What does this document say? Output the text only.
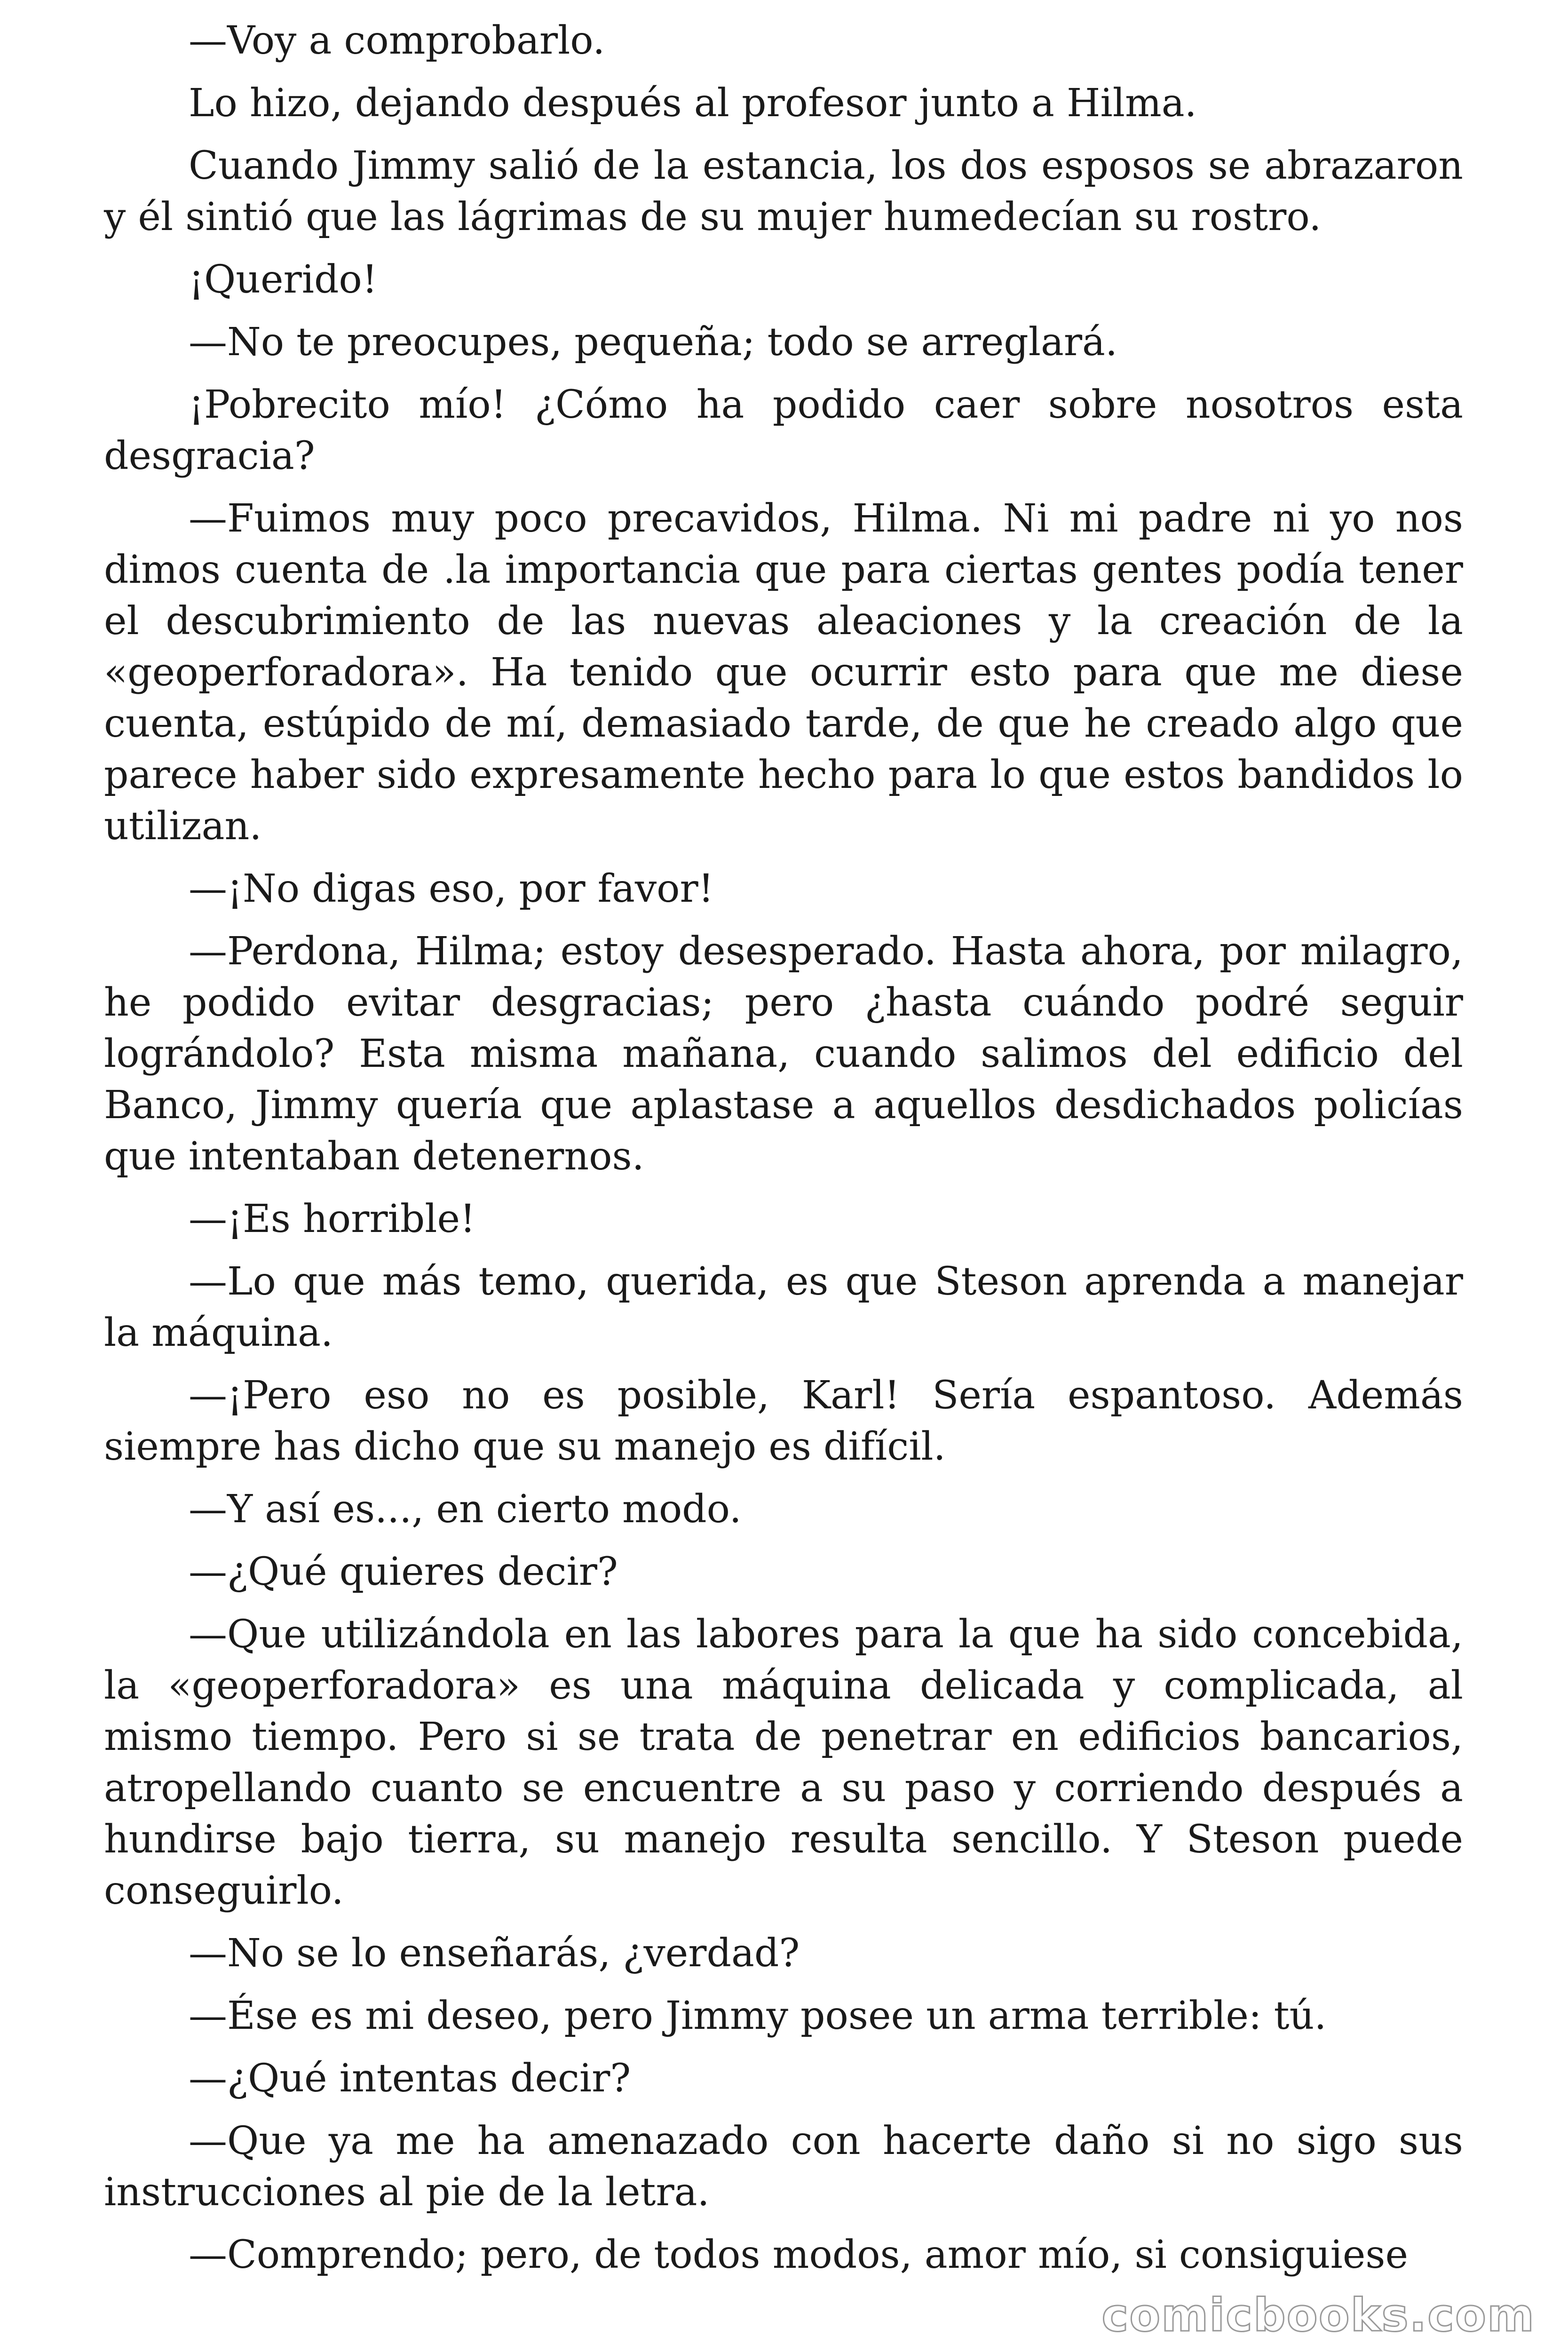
—Voy a comprobarlo.

Lo hizo, dejando después al profesor junto a Hilma.

Cuando Jimmy salió de la estancia, los dos esposos se abrazaron y él sintió que las lágrimas de su mujer humedecían su rostro.

¡Querido!

—No te preocupes, pequeña; todo se arreglará.

¡Pobrecito mío! ¿Cómo ha podido caer sobre nosotros esta desgracia?

—Fuimos muy poco precavidos, Hilma. Ni mi padre ni yo nos dimos cuenta de .la importancia que para ciertas gentes podía tener el descubrimiento de las nuevas aleaciones y la creación de la «geoperforadora». Ha tenido que ocurrir esto para que me diese cuenta, estúpido de mí, demasiado tarde, de que he creado algo que parece haber sido expresamente hecho para lo que estos bandidos lo utilizan.

—¡No digas eso, por favor!

—Perdona, Hilma; estoy desesperado. Hasta ahora, por milagro, he podido evitar desgracias; pero ¿hasta cuándo podré seguir lográndolo? Esta misma mañana, cuando salimos del edificio del Banco, Jimmy quería que aplastase a aquellos desdichados policías que intentaban detenernos.

—¡Es horrible!

—Lo que más temo, querida, es que Steson aprenda a manejar la máquina.

—¡Pero eso no es posible, Karl! Sería espantoso. Además siempre has dicho que su manejo es difícil.

—Y así es..., en cierto modo.

—¿Qué quieres decir?

—Que utilizándola en las labores para la que ha sido concebida, la «geoperforadora» es una máquina delicada y complicada, al mismo tiempo. Pero si se trata de penetrar en edificios bancarios, atropellando cuanto se encuentre a su paso y corriendo después a hundirse bajo tierra, su manejo resulta sencillo. Y Steson puede conseguirlo.

—No se lo enseñarás, ¿verdad?

—Ése es mi deseo, pero Jimmy posee un arma terrible: tú.

—¿Qué intentas decir?

—Que ya me ha amenazado con hacerte daño si no sigo sus instrucciones al pie de la letra.

—Comprendo; pero, de todos modos, amor mío, si consiguiese

comicbooks.com
